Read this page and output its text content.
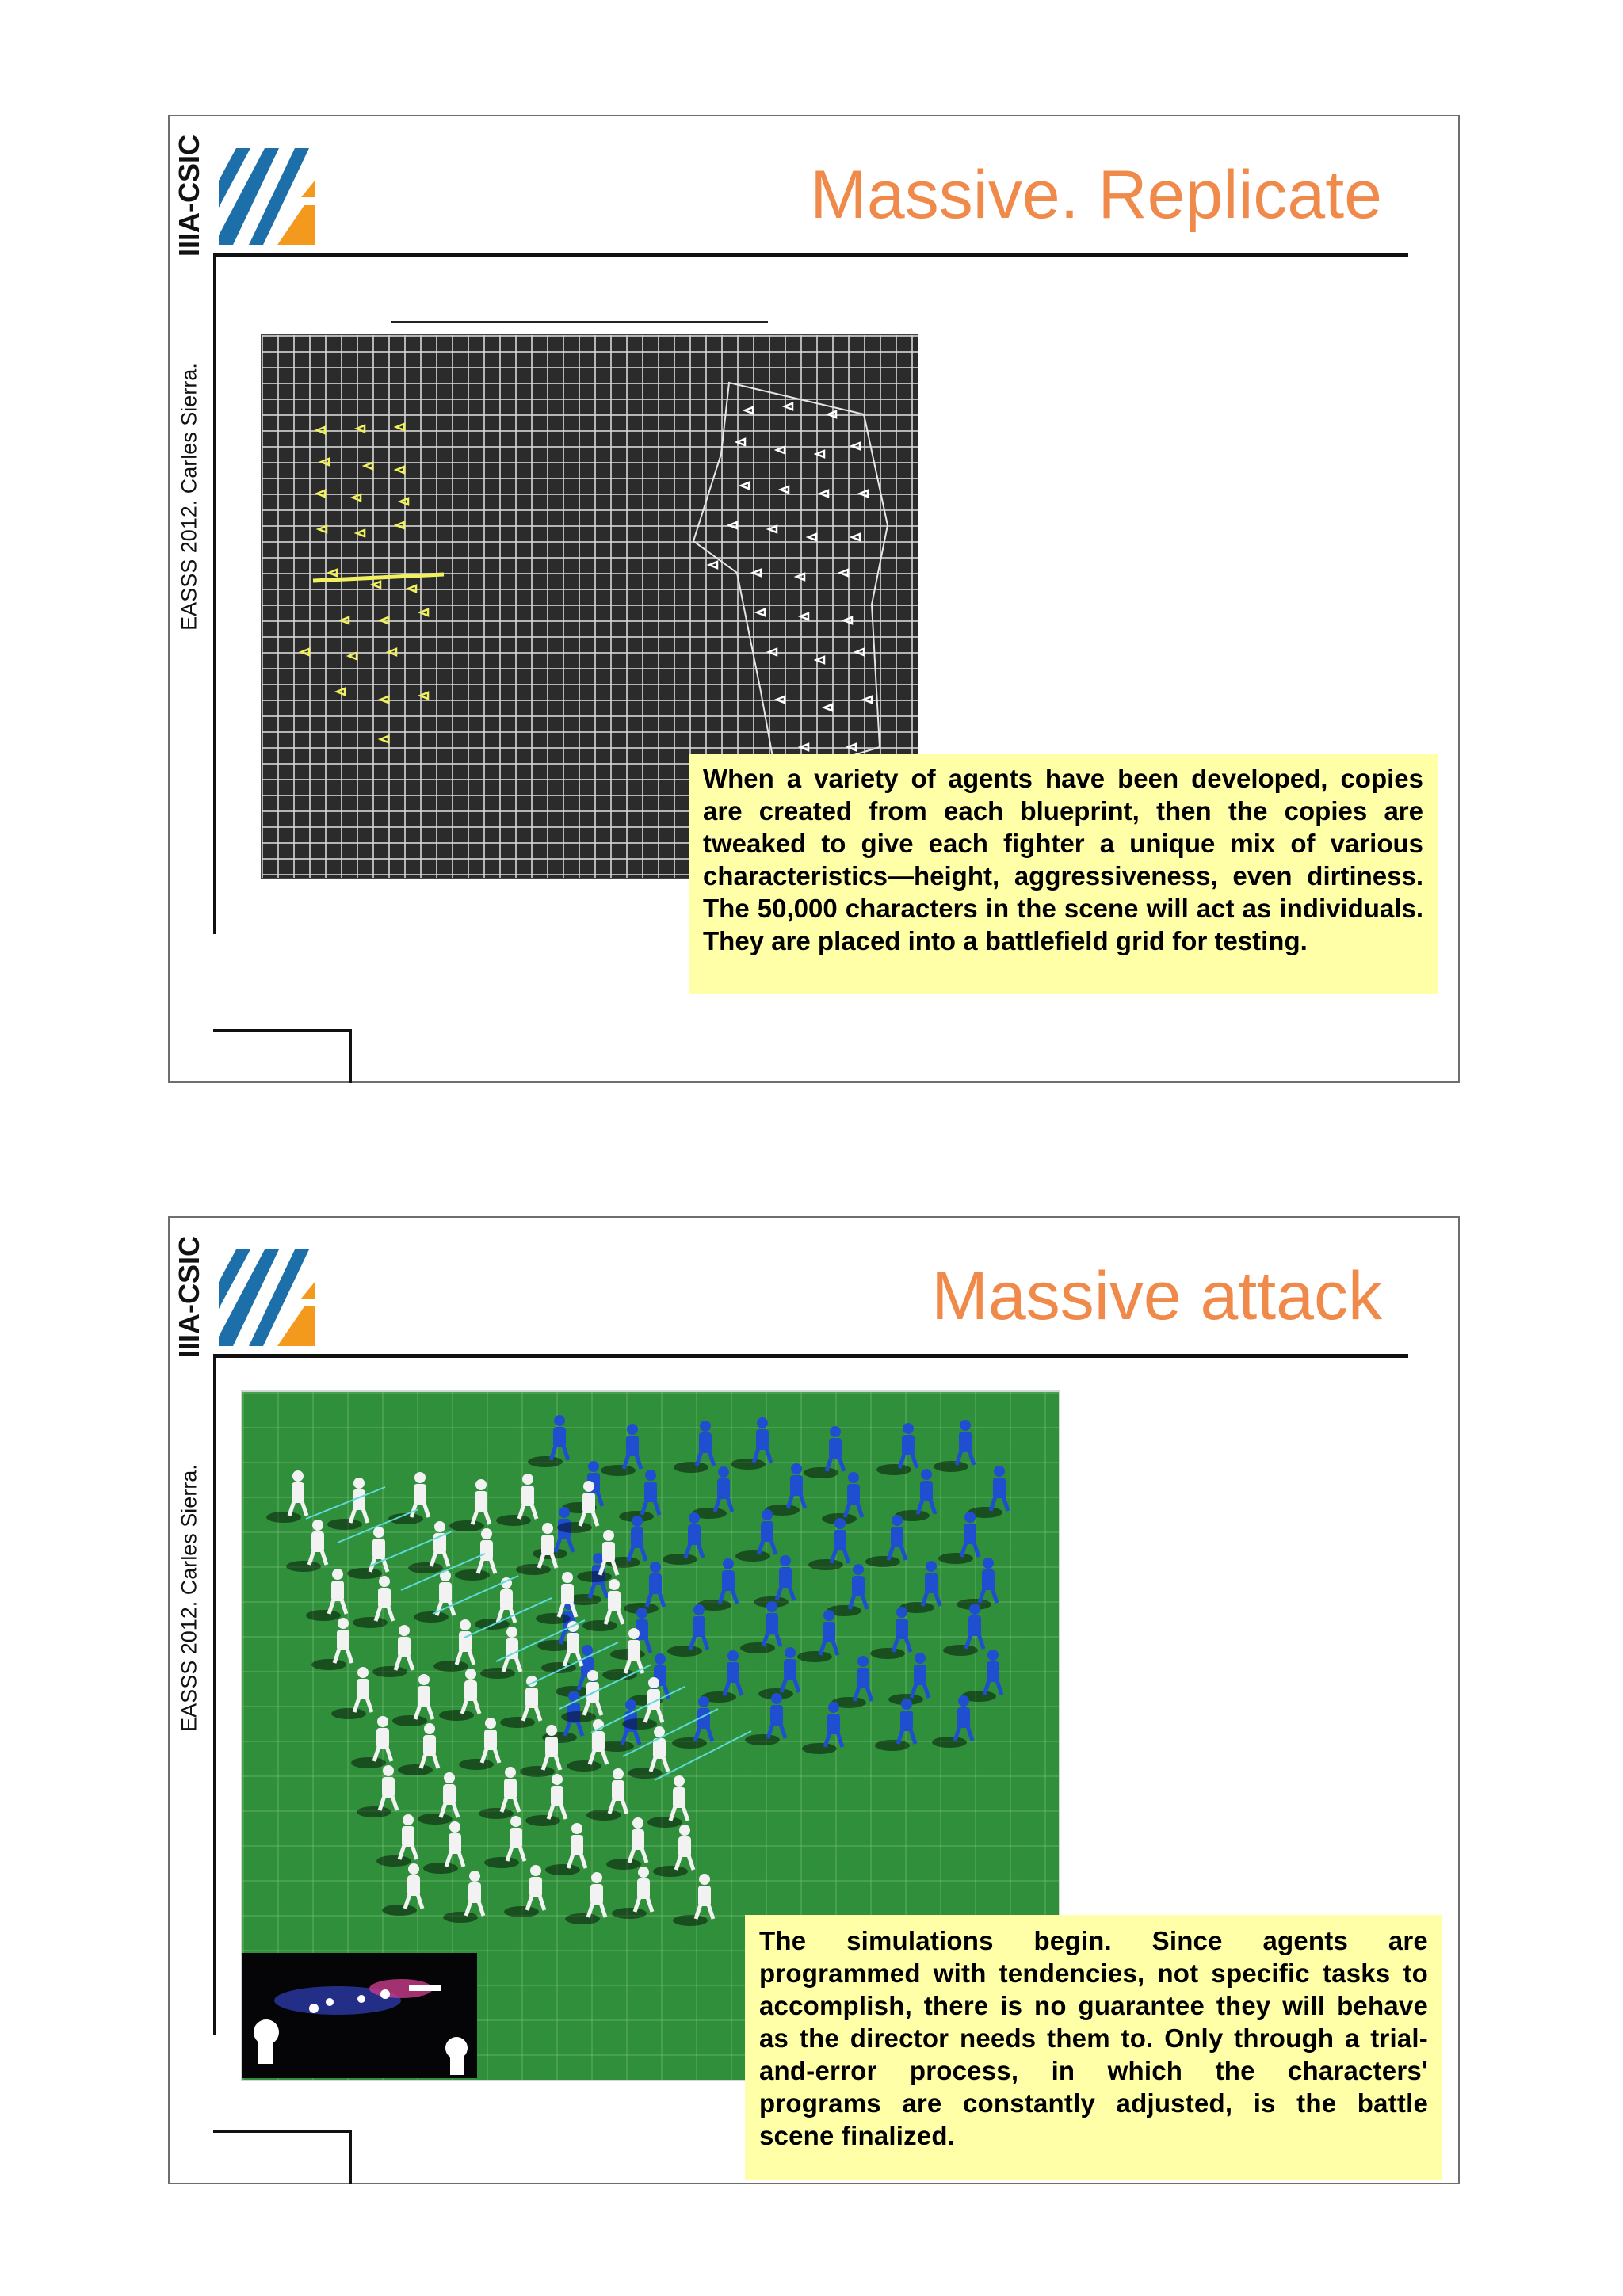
IIIA-CSIC
EASSS 2012. Carles Sierra.
Massive. Replicate
When a variety of agents have been developed, copies are created from each blueprint, then the copies are tweaked to give each fighter a unique mix of various characteristics—height, aggressiveness, even dirtiness. The 50,000 characters in the scene will act as individuals. They are placed into a battlefield grid for testing.
IIIA-CSIC
EASSS 2012. Carles Sierra.
Massive attack
The simulations begin. Since agents are programmed with tendencies, not specific tasks to accomplish, there is no guarantee they will behave as the director needs them to. Only through a trial-and-error process, in which the characters' programs are constantly adjusted, is the battle scene finalized.
